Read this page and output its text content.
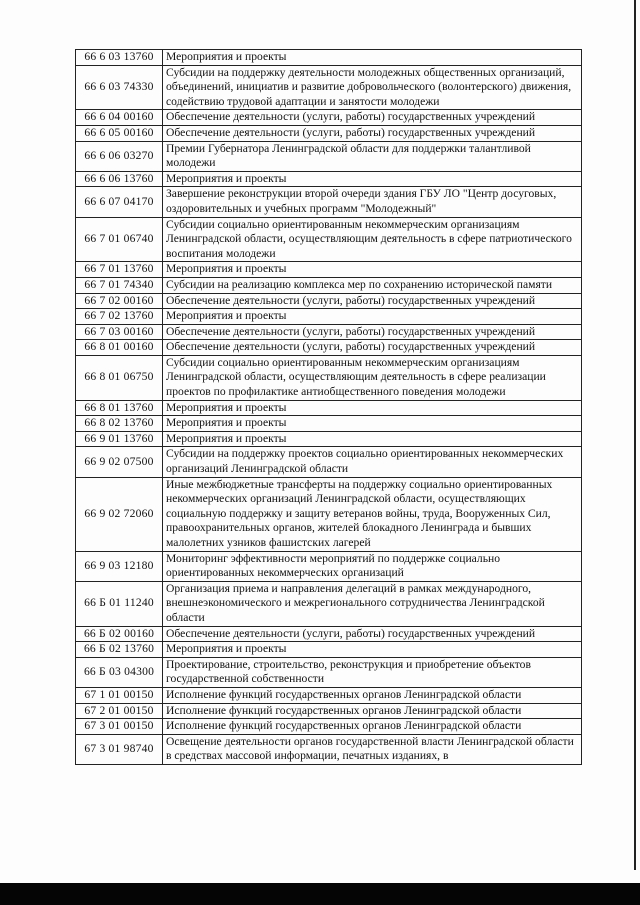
66 6 03 13760	Мероприятия и проекты
66 6 03 74330	Субсидии на поддержку деятельности молодежных общественных организаций, объединений, инициатив и развитие добровольческого (волонтерского) движения, содействию трудовой адаптации и занятости молодежи
66 6 04 00160	Обеспечение деятельности (услуги, работы) государственных учреждений
66 6 05 00160	Обеспечение деятельности (услуги, работы) государственных учреждений
66 6 06 03270	Премии Губернатора Ленинградской области для поддержки талантливой молодежи
66 6 06 13760	Мероприятия и проекты
66 6 07 04170	Завершение реконструкции второй очереди здания ГБУ ЛО "Центр досуговых, оздоровительных и учебных программ "Молодежный"
66 7 01 06740	Субсидии социально ориентированным некоммерческим организациям Ленинградской области, осуществляющим деятельность в сфере патриотического воспитания молодежи
66 7 01 13760	Мероприятия и проекты
66 7 01 74340	Субсидии на реализацию комплекса мер по сохранению исторической памяти
66 7 02 00160	Обеспечение деятельности (услуги, работы) государственных учреждений
66 7 02 13760	Мероприятия и проекты
66 7 03 00160	Обеспечение деятельности (услуги, работы) государственных учреждений
66 8 01 00160	Обеспечение деятельности (услуги, работы) государственных учреждений
66 8 01 06750	Субсидии социально ориентированным некоммерческим организациям Ленинградской области, осуществляющим деятельность в сфере реализации проектов по профилактике антиобщественного поведения молодежи
66 8 01 13760	Мероприятия и проекты
66 8 02 13760	Мероприятия и проекты
66 9 01 13760	Мероприятия и проекты
66 9 02 07500	Субсидии на поддержку проектов социально ориентированных некоммерческих организаций Ленинградской области
66 9 02 72060	Иные межбюджетные трансферты на поддержку социально ориентированных некоммерческих организаций Ленинградской области, осуществляющих социальную поддержку и защиту ветеранов войны, труда, Вооруженных Сил, правоохранительных органов, жителей блокадного Ленинграда и бывших малолетних узников фашистских лагерей
66 9 03 12180	Мониторинг эффективности мероприятий по поддержке социально ориентированных некоммерческих организаций
66 Б 01 11240	Организация приема и направления делегаций в рамках международного, внешнеэкономического и межрегионального сотрудничества Ленинградской области
66 Б 02 00160	Обеспечение деятельности (услуги, работы) государственных учреждений
66 Б 02 13760	Мероприятия и проекты
66 Б 03 04300	Проектирование, строительство, реконструкция и приобретение объектов государственной собственности
67 1 01 00150	Исполнение функций государственных органов Ленинградской области
67 2 01 00150	Исполнение функций государственных органов Ленинградской области
67 3 01 00150	Исполнение функций государственных органов Ленинградской области
67 3 01 98740	Освещение деятельности органов государственной власти Ленинградской области в средствах массовой информации, печатных изданиях, в
